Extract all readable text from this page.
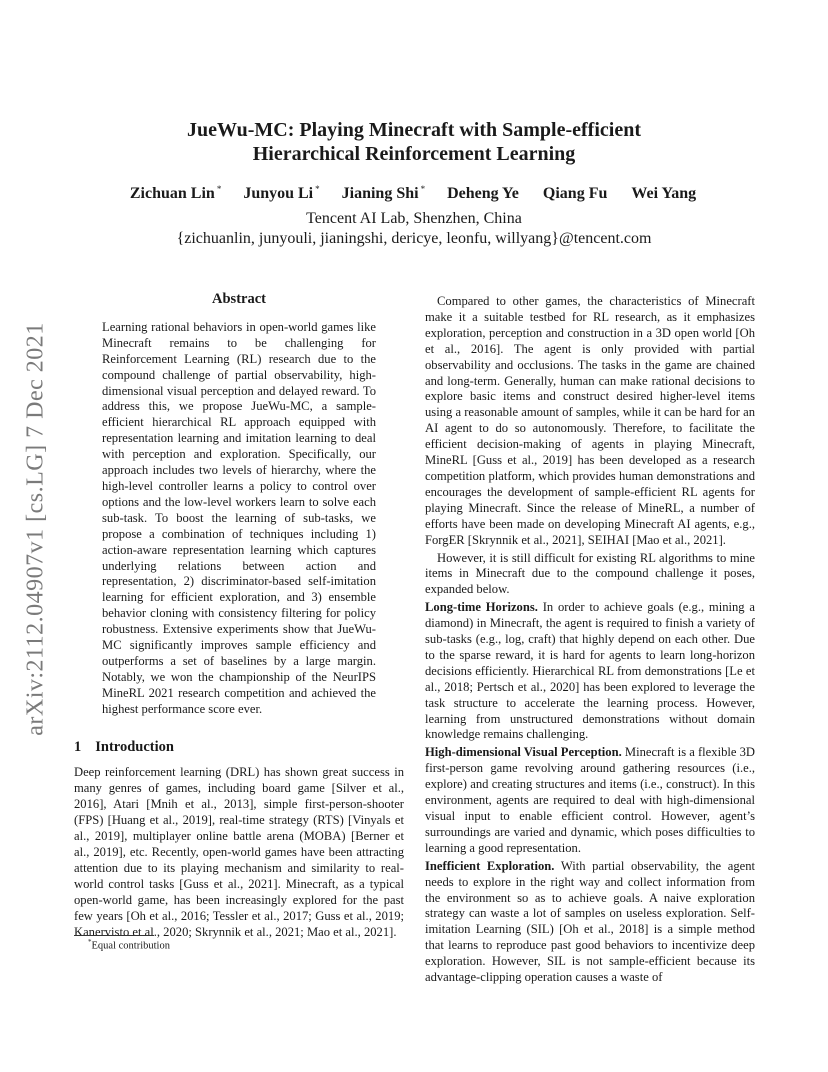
arXiv:2112.04907v1 [cs.LG] 7 Dec 2021
JueWu-MC: Playing Minecraft with Sample-efficient
Hierarchical Reinforcement Learning
Zichuan Lin * Junyou Li * Jianing Shi * Deheng Ye Qiang Fu Wei Yang
Tencent AI Lab, Shenzhen, China
{zichuanlin, junyouli, jianingshi, dericye, leonfu, willyang}@tencent.com
Abstract

Learning rational behaviors in open-world games like Minecraft remains to be challenging for Reinforcement Learning (RL) research due to the compound challenge of partial observability, high-dimensional visual perception and delayed reward. To address this, we propose JueWu-MC, a sample-efficient hierarchical RL approach equipped with representation learning and imitation learning to deal with perception and exploration. Specifically, our approach includes two levels of hierarchy, where the high-level controller learns a policy to control over options and the low-level workers learn to solve each sub-task. To boost the learning of sub-tasks, we propose a combination of techniques including 1) action-aware representation learning which captures underlying relations between action and representation, 2) discriminator-based self-imitation learning for efficient exploration, and 3) ensemble behavior cloning with consistency filtering for policy robustness. Extensive experiments show that JueWu-MC significantly improves sample efficiency and outperforms a set of baselines by a large margin. Notably, we won the championship of the NeurIPS MineRL 2021 research competition and achieved the highest performance score ever.

1 Introduction

Deep reinforcement learning (DRL) has shown great success in many genres of games, including board game [Silver et al., 2016], Atari [Mnih et al., 2013], simple first-person-shooter (FPS) [Huang et al., 2019], real-time strategy (RTS) [Vinyals et al., 2019], multiplayer online battle arena (MOBA) [Berner et al., 2019], etc. Recently, open-world games have been attracting attention due to its playing mechanism and similarity to real-world control tasks [Guss et al., 2021]. Minecraft, as a typical open-world game, has been increasingly explored for the past few years [Oh et al., 2016; Tessler et al., 2017; Guss et al., 2019; Kanervisto et al., 2020; Skrynnik et al., 2021; Mao et al., 2021].

*Equal contribution

Compared to other games, the characteristics of Minecraft make it a suitable testbed for RL research, as it emphasizes exploration, perception and construction in a 3D open world [Oh et al., 2016]. The agent is only provided with partial observability and occlusions. The tasks in the game are chained and long-term. Generally, human can make rational decisions to explore basic items and construct desired higher-level items using a reasonable amount of samples, while it can be hard for an AI agent to do so autonomously. Therefore, to facilitate the efficient decision-making of agents in playing Minecraft, MineRL [Guss et al., 2019] has been developed as a research competition platform, which provides human demonstrations and encourages the development of sample-efficient RL agents for playing Minecraft. Since the release of MineRL, a number of efforts have been made on developing Minecraft AI agents, e.g., ForgER [Skrynnik et al., 2021], SEIHAI [Mao et al., 2021].

However, it is still difficult for existing RL algorithms to mine items in Minecraft due to the compound challenge it poses, expanded below.

Long-time Horizons. In order to achieve goals (e.g., mining a diamond) in Minecraft, the agent is required to finish a variety of sub-tasks (e.g., log, craft) that highly depend on each other. Due to the sparse reward, it is hard for agents to learn long-horizon decisions efficiently. Hierarchical RL from demonstrations [Le et al., 2018; Pertsch et al., 2020] has been explored to leverage the task structure to accelerate the learning process. However, learning from unstructured demonstrations without domain knowledge remains challenging.

High-dimensional Visual Perception. Minecraft is a flexible 3D first-person game revolving around gathering resources (i.e., explore) and creating structures and items (i.e., construct). In this environment, agents are required to deal with high-dimensional visual input to enable efficient control. However, agent’s surroundings are varied and dynamic, which poses difficulties to learning a good representation.

Inefficient Exploration. With partial observability, the agent needs to explore in the right way and collect information from the environment so as to achieve goals. A naive exploration strategy can waste a lot of samples on useless exploration. Self-imitation Learning (SIL) [Oh et al., 2018] is a simple method that learns to reproduce past good behaviors to incentivize deep exploration. However, SIL is not sample-efficient because its advantage-clipping operation causes a waste of
